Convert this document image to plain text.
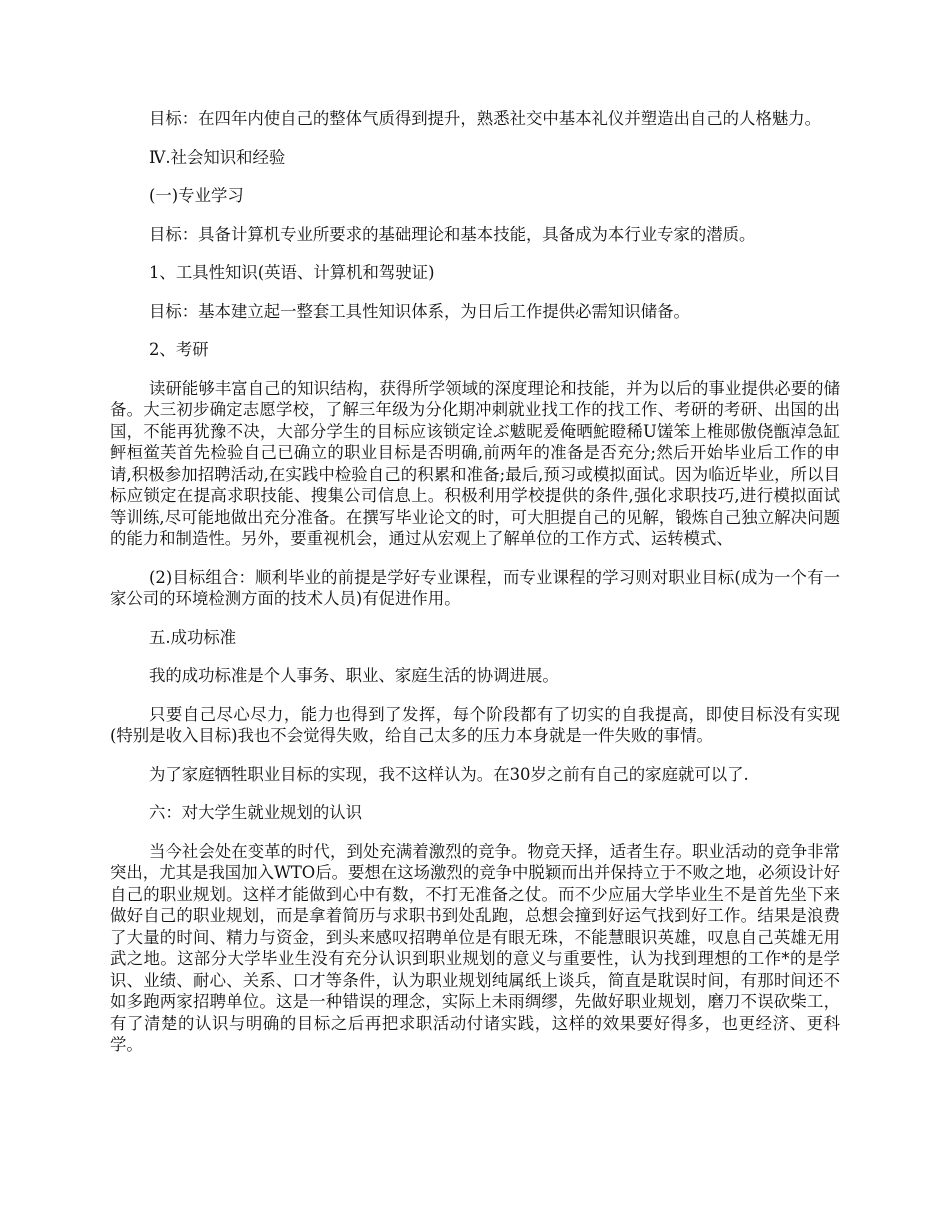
目标：在四年内使自己的整体气质得到提升，熟悉社交中基本礼仪并塑造出自己的人格魅力。

Ⅳ.社会知识和经验

(一)专业学习

目标：具备计算机专业所要求的基础理论和基本技能，具备成为本行业专家的潜质。

1、工具性知识(英语、计算机和驾驶证)

目标：基本建立起一整套工具性知识体系，为日后工作提供必需知识储备。

2、考研

读研能够丰富自己的知识结构，获得所学领域的深度理论和技能，并为以后的事业提供必要的储备。大三初步确定志愿学校，了解三年级为分化期冲刺就业找工作的找工作、考研的考研、出国的出国，不能再犹豫不决，大部分学生的目标应该锁定诠ぶ魃昵爰俺晒鮀瞪稀U馐笨上椎郧傲侥甑淖急缸鲆桓鲎芙首先检验自己已确立的职业目标是否明确,前两年的准备是否充分;然后开始毕业后工作的申请,积极参加招聘活动,在实践中检验自己的积累和准备;最后,预习或模拟面试。因为临近毕业，所以目标应锁定在提高求职技能、搜集公司信息上。积极利用学校提供的条件,强化求职技巧,进行模拟面试等训练,尽可能地做出充分准备。在撰写毕业论文的时，可大胆提自己的见解，锻炼自己独立解决问题的能力和制造性。另外，要重视机会，通过从宏观上了解单位的工作方式、运转模式、

(2)目标组合：顺利毕业的前提是学好专业课程，而专业课程的学习则对职业目标(成为一个有一家公司的环境检测方面的技术人员)有促进作用。

五.成功标准

我的成功标准是个人事务、职业、家庭生活的协调进展。

只要自己尽心尽力，能力也得到了发挥，每个阶段都有了切实的自我提高，即使目标没有实现(特别是收入目标)我也不会觉得失败，给自己太多的压力本身就是一件失败的事情。

为了家庭牺牲职业目标的实现，我不这样认为。在30岁之前有自己的家庭就可以了.

六：对大学生就业规划的认识

当今社会处在变革的时代，到处充满着激烈的竞争。物竞天择，适者生存。职业活动的竞争非常突出，尤其是我国加入WTO后。要想在这场激烈的竞争中脱颖而出并保持立于不败之地，必须设计好自己的职业规划。这样才能做到心中有数，不打无准备之仗。而不少应届大学毕业生不是首先坐下来做好自己的职业规划，而是拿着简历与求职书到处乱跑，总想会撞到好运气找到好工作。结果是浪费了大量的时间、精力与资金，到头来感叹招聘单位是有眼无珠，不能慧眼识英雄，叹息自己英雄无用武之地。这部分大学毕业生没有充分认识到职业规划的意义与重要性，认为找到理想的工作*的是学识、业绩、耐心、关系、口才等条件，认为职业规划纯属纸上谈兵，简直是耽误时间，有那时间还不如多跑两家招聘单位。这是一种错误的理念，实际上未雨绸缪，先做好职业规划，磨刀不误砍柴工，有了清楚的认识与明确的目标之后再把求职活动付诸实践，这样的效果要好得多，也更经济、更科学。
